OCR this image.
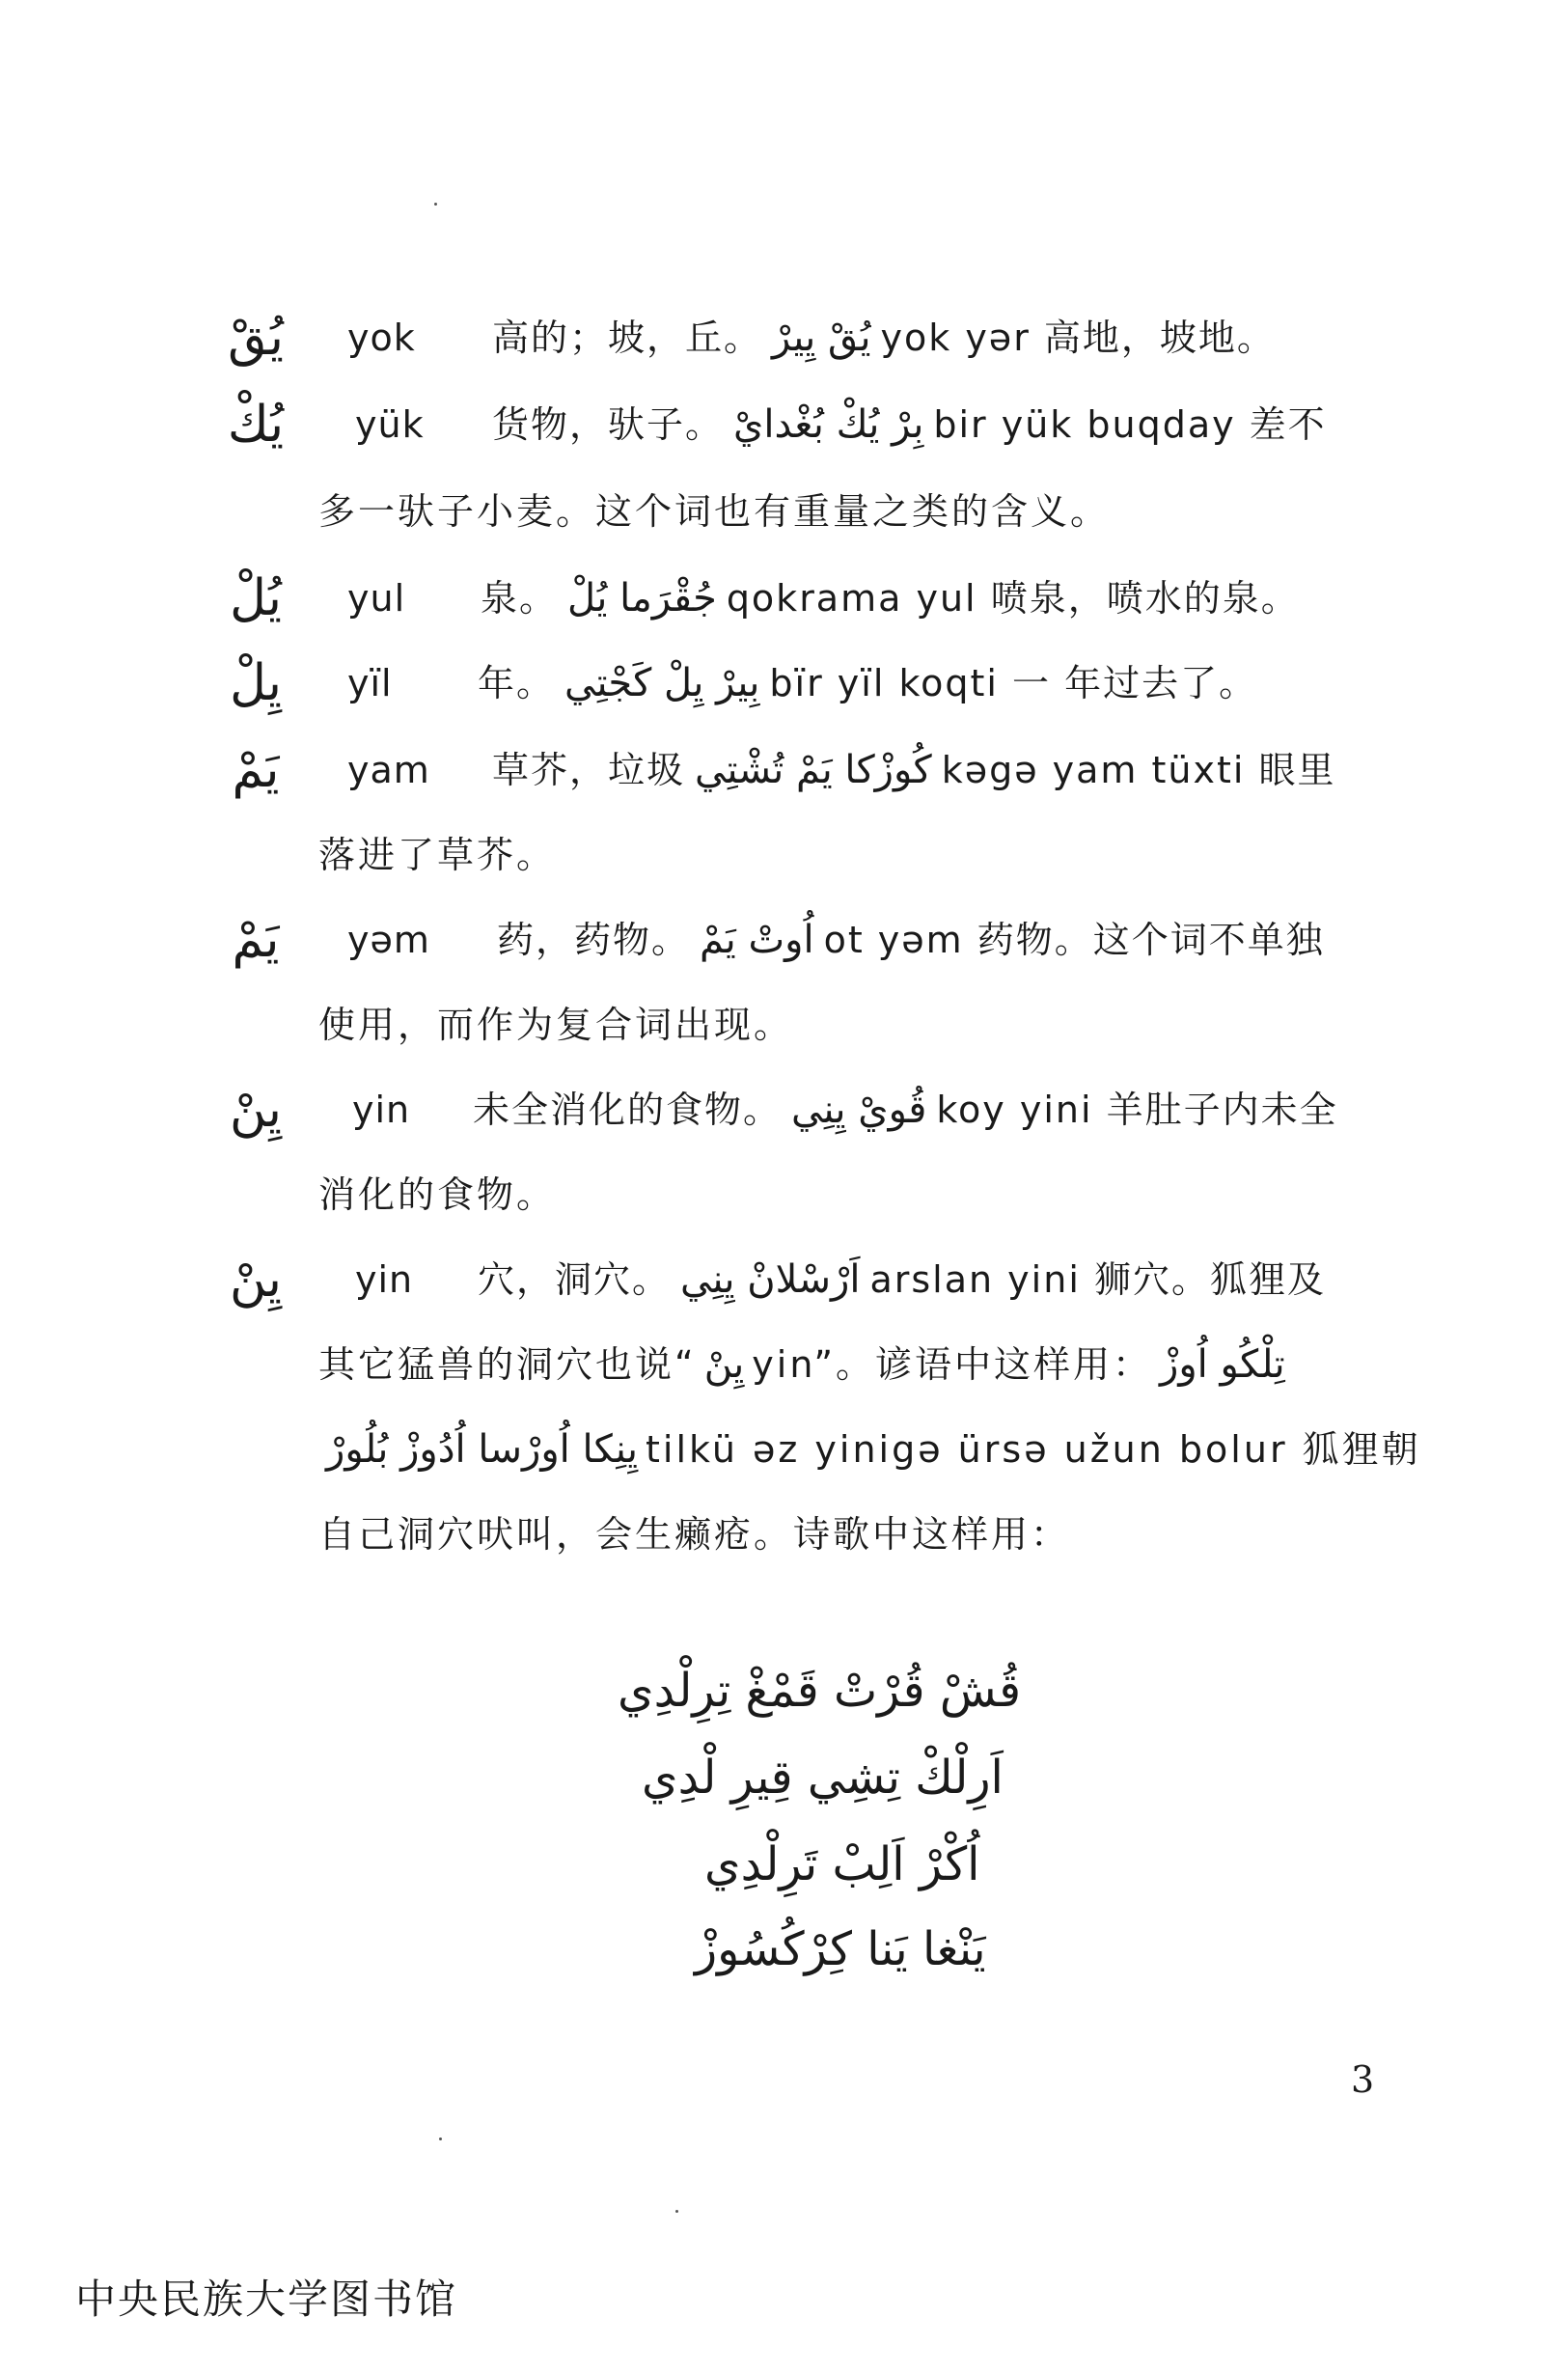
يُقْ yok 高的；坡，丘。 يُقْ يِيرْ yok yər 高地，坡地。
يُكْ yük 货物，驮子。 بِرْ يُكْ بُغْدايْ bir yük buqday 差不
多一驮子小麦。这个词也有重量之类的含义。
يُلْ	yul 泉。 جُقْرَما يُلْ qokrama yul 喷泉，喷水的泉。
يِلْ	yïl 年。 بِيرْ يِلْ كَجْتِي bïr yïl koqti 一 年过去了。
يَمْ	yam 草芥，垃圾 كُوزْكا يَمْ تُشْتِي kəgə yam tüxti 眼里
落进了草芥。
يَمْ	yəm 药，药物。 اُوتْ يَمْ ot yəm 药物。这个词不单独
使用，而作为复合词出现。
يِنْ	yin 未全消化的食物。 قُويْ يِنِي koy yini 羊肚子内未全
消化的食物。
يِنْ	yin 穴，洞穴。 اَرْسْلانْ يِنِي arslan yini 狮穴。狐狸及
其它猛兽的洞穴也说“ يِنْ yin”。谚语中这样用： تِلْكُو اُوزْ
يِنِكا اُورْسا اُدُوزْ بُلُورْ tilkü əz yinigə ürsə užun bolur 狐狸朝
自己洞穴吠叫，会生癞疮。诗歌中这样用：
قُشْ قُرْتْ قَمْغْ تِرِلْدِي
اَرِلْكْ تِشِي قِيرِ لْدِي
اُكْرْ اَلِبْ تَرِلْدِي
يَنْغا يَنا كِرْكُسُوزْ
3
中央民族大学图书馆
